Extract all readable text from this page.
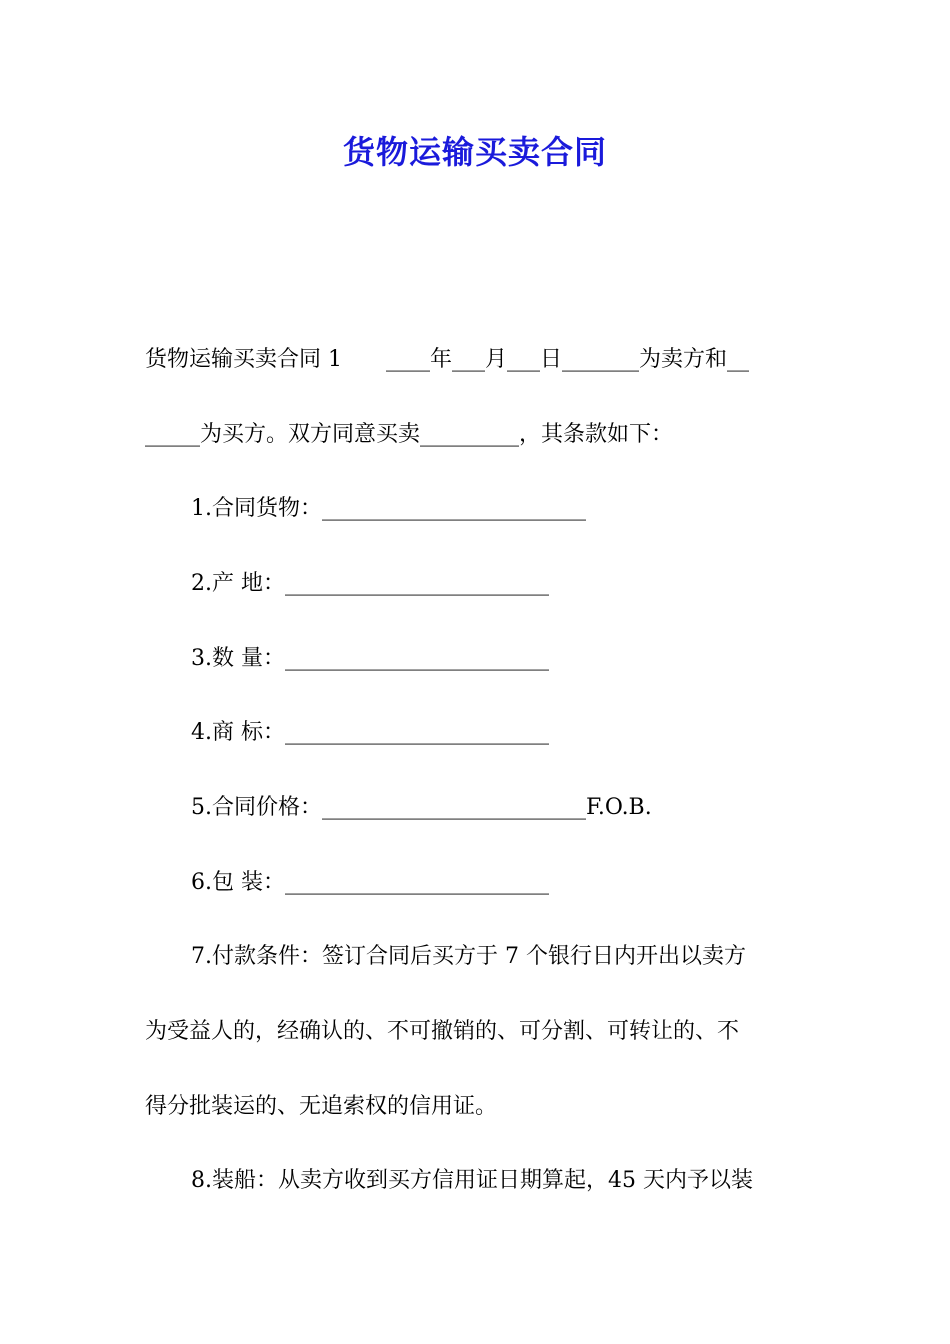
货物运输买卖合同
货物运输买卖合同 1　　____年___月___日_______为卖方和__
_____为买方。双方同意买卖_________，其条款如下：
1.合同货物：________________________
2.产 地：________________________
3.数 量：________________________
4.商 标：________________________
5.合同价格：________________________F.O.B.
6.包 装：________________________
7.付款条件：签订合同后买方于 7 个银行日内开出以卖方
为受益人的，经确认的、不可撤销的、可分割、可转让的、不
得分批装运的、无追索权的信用证。
8.装船：从卖方收到买方信用证日期算起，45 天内予以装
